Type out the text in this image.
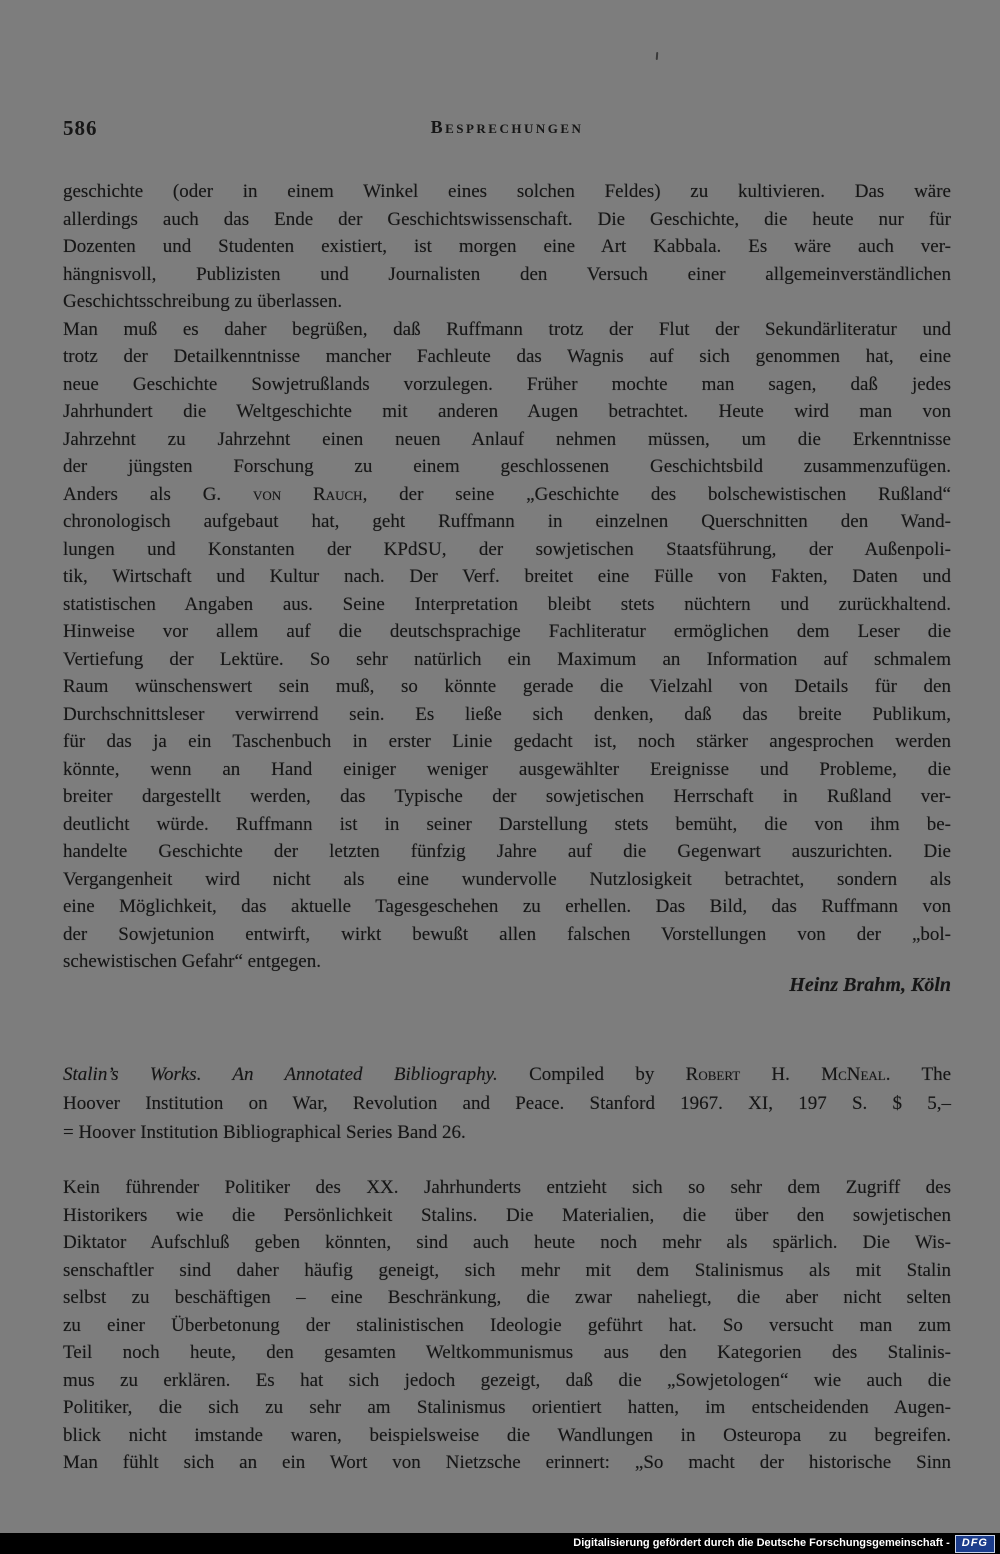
586	Besprechungen
geschichte (oder in einem Winkel eines solchen Feldes) zu kultivieren. Das wäre
allerdings auch das Ende der Geschichtswissenschaft. Die Geschichte, die heute nur für
Dozenten und Studenten existiert, ist morgen eine Art Kabbala. Es wäre auch ver-
hängnisvoll, Publizisten und Journalisten den Versuch einer allgemeinverständlichen
Geschichtsschreibung zu überlassen.
Man muß es daher begrüßen, daß Ruffmann trotz der Flut der Sekundärliteratur und
trotz der Detailkenntnisse mancher Fachleute das Wagnis auf sich genommen hat, eine
neue Geschichte Sowjetrußlands vorzulegen. Früher mochte man sagen, daß jedes
Jahrhundert die Weltgeschichte mit anderen Augen betrachtet. Heute wird man von
Jahrzehnt zu Jahrzehnt einen neuen Anlauf nehmen müssen, um die Erkenntnisse
der jüngsten Forschung zu einem geschlossenen Geschichtsbild zusammenzufügen.
Anders als G. von Rauch, der seine „Geschichte des bolschewistischen Rußland“
chronologisch aufgebaut hat, geht Ruffmann in einzelnen Querschnitten den Wand-
lungen und Konstanten der KPdSU, der sowjetischen Staatsführung, der Außenpoli-
tik, Wirtschaft und Kultur nach. Der Verf. breitet eine Fülle von Fakten, Daten und
statistischen Angaben aus. Seine Interpretation bleibt stets nüchtern und zurückhaltend.
Hinweise vor allem auf die deutschsprachige Fachliteratur ermöglichen dem Leser die
Vertiefung der Lektüre. So sehr natürlich ein Maximum an Information auf schmalem
Raum wünschenswert sein muß, so könnte gerade die Vielzahl von Details für den
Durchschnittsleser verwirrend sein. Es ließe sich denken, daß das breite Publikum,
für das ja ein Taschenbuch in erster Linie gedacht ist, noch stärker angesprochen werden
könnte, wenn an Hand einiger weniger ausgewählter Ereignisse und Probleme, die
breiter dargestellt werden, das Typische der sowjetischen Herrschaft in Rußland ver-
deutlicht würde. Ruffmann ist in seiner Darstellung stets bemüht, die von ihm be-
handelte Geschichte der letzten fünfzig Jahre auf die Gegenwart auszurichten. Die
Vergangenheit wird nicht als eine wundervolle Nutzlosigkeit betrachtet, sondern als
eine Möglichkeit, das aktuelle Tagesgeschehen zu erhellen. Das Bild, das Ruffmann von
der Sowjetunion entwirft, wirkt bewußt allen falschen Vorstellungen von der „bol-
schewistischen Gefahr“ entgegen.
Heinz Brahm, Köln
Stalin’s Works. An Annotated Bibliography. Compiled by Robert H. McNeal. The
Hoover Institution on War, Revolution and Peace. Stanford 1967. XI, 197 S. $ 5,–
= Hoover Institution Bibliographical Series Band 26.
Kein führender Politiker des XX. Jahrhunderts entzieht sich so sehr dem Zugriff des
Historikers wie die Persönlichkeit Stalins. Die Materialien, die über den sowjetischen
Diktator Aufschluß geben könnten, sind auch heute noch mehr als spärlich. Die Wis-
senschaftler sind daher häufig geneigt, sich mehr mit dem Stalinismus als mit Stalin
selbst zu beschäftigen – eine Beschränkung, die zwar naheliegt, die aber nicht selten
zu einer Überbetonung der stalinistischen Ideologie geführt hat. So versucht man zum
Teil noch heute, den gesamten Weltkommunismus aus den Kategorien des Stalinis-
mus zu erklären. Es hat sich jedoch gezeigt, daß die „Sowjetologen“ wie auch die
Politiker, die sich zu sehr am Stalinismus orientiert hatten, im entscheidenden Augen-
blick nicht imstande waren, beispielsweise die Wandlungen in Osteuropa zu begreifen.
Man fühlt sich an ein Wort von Nietzsche erinnert: „So macht der historische Sinn
Digitalisierung gefördert durch die Deutsche Forschungsgemeinschaft -	DFG
